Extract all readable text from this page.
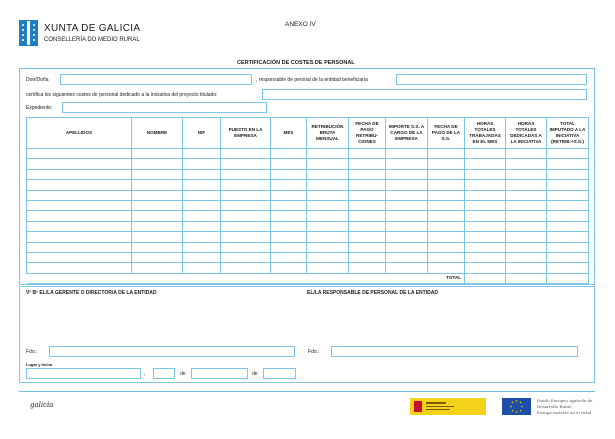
XUNTA DE GALICIA
CONSELLERÍA DO MEDIO RURAL
ANEXO IV
CERTIFICACIÓN DE COSTES DE PERSONAL
Don/Doña	, responsable de persoal de la entidad beneficiaria
certifica los siguientes costes de personal dedicado a la iniciativa del proyecto titulado:
Expediente:
APELLIDOS	NOMBRE	NIF	PUESTO EN LA EMPRESA	MES	RETRIBUCIÓN BRUTA MENSUAL	FECHA DE PAGO RETRIBU-CIONES	IMPORTE S.S. A CARGO DE LA EMPRESA	FECHA DE PAGO DE LA S.S.	HORAS TOTALES TRABAJADAS EN EL MES	HORAS TOTALES DEDICADAS A LA INICIATIVA	TOTAL IMPUTADO A LA INICIATIVA (RETRIB.+S.S.)

TOTAL											
Vº Bº EL/LA GERENTE O DIRECTOR/A DE LA ENTIDAD	EL/LA RESPONSABLE DE PERSONAL DE LA ENTIDAD
Fdo.:	Fdo.:
Lugar y fecha
,	de	de
galicia
Fondo Europeo Agrícola de
Desarrollo Rural:
Europa invierte en el rural
